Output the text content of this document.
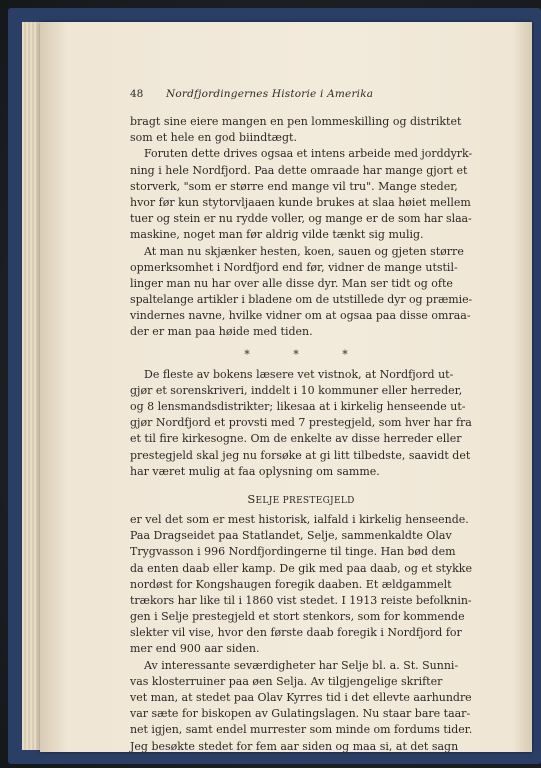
48 Nordfjordingernes Historie i Amerika
bragt sine eiere mangen en pen lommeskilling og distriktet
som et hele en god biindtægt.
Foruten dette drives ogsaa et intens arbeide med jorddyrk-
ning i hele Nordfjord. Paa dette omraade har mange gjort et
storverk, "som er større end mange vil tru". Mange steder,
hvor før kun stytorvljaaen kunde brukes at slaa høiet mellem
tuer og stein er nu rydde voller, og mange er de som har slaa-
maskine, noget man før aldrig vilde tænkt sig mulig.
At man nu skjænker hesten, koen, sauen og gjeten større
opmerksomhet i Nordfjord end før, vidner de mange utstil-
linger man nu har over alle disse dyr. Man ser tidt og ofte
spaltelange artikler i bladene om de utstillede dyr og præmie-
vindernes navne, hvilke vidner om at ogsaa paa disse omraa-
der er man paa høide med tiden.
* * *
De fleste av bokens læsere vet vistnok, at Nordfjord ut-
gjør et sorenskriveri, inddelt i 10 kommuner eller herreder,
og 8 lensmandsdistrikter; likesaa at i kirkelig henseende ut-
gjør Nordfjord et provsti med 7 prestegjeld, som hver har fra
et til fire kirkesogne. Om de enkelte av disse herreder eller
prestegjeld skal jeg nu forsøke at gi litt tilbedste, saavidt det
har været mulig at faa oplysning om samme.
SELJE PRESTEGJELD
er vel det som er mest historisk, ialfald i kirkelig henseende.
Paa Dragseidet paa Statlandet, Selje, sammenkaldte Olav
Trygvasson i 996 Nordfjordingerne til tinge. Han bød dem
da enten daab eller kamp. De gik med paa daab, og et stykke
nordøst for Kongshaugen foregik daaben. Et ældgammelt
trækors har like til i 1860 vist stedet. I 1913 reiste befolknin-
gen i Selje prestegjeld et stort stenkors, som for kommende
slekter vil vise, hvor den første daab foregik i Nordfjord for
mer end 900 aar siden.
Av interessante seværdigheter har Selje bl. a. St. Sunni-
vas klosterruiner paa øen Selja. Av tilgjengelige skrifter
vet man, at stedet paa Olav Kyrres tid i det ellevte aarhundre
var sæte for biskopen av Gulatingslagen. Nu staar bare taar-
net igjen, samt endel murrester som minde om fordums tider.
Jeg besøkte stedet for fem aar siden og maa si, at det sagn
